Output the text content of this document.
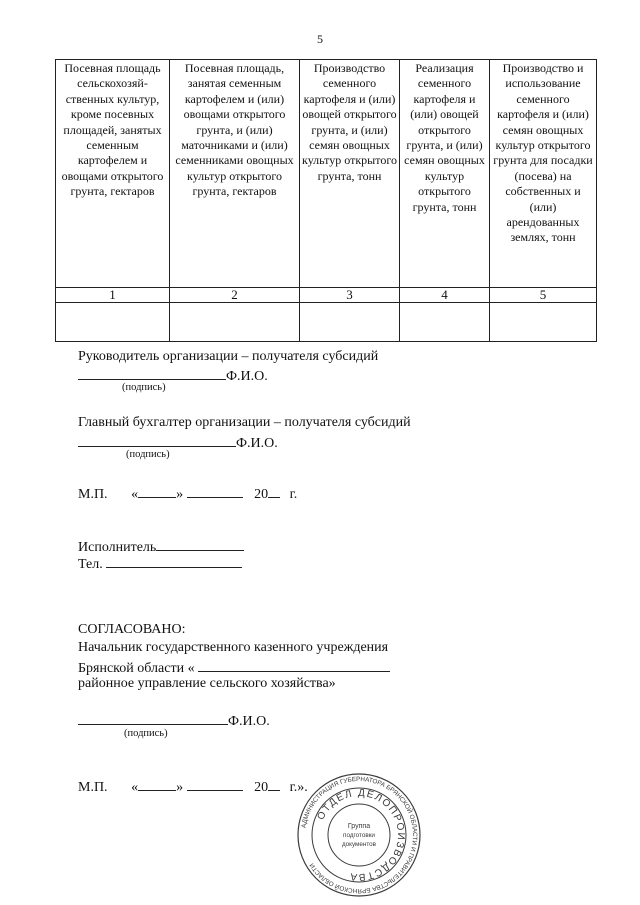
5
Посевная площадь сельскохозяй-ственных культур, кроме посевных площадей, занятых семенным картофелем и овощами открытого грунта, гектаров	Посевная площадь, занятая семенным картофелем и (или) овощами открытого грунта, и (или) маточниками и (или) семенниками овощных культур открытого грунта, гектаров	Производство семенного картофеля и (или) овощей открытого грунта, и (или) семян овощных культур открытого грунта, тонн	Реализация семенного картофеля и (или) овощей открытого грунта, и (или) семян овощных культур открытого грунта, тонн	Производство и использование семенного картофеля и (или) семян овощных культур открытого грунта для посадки (посева) на собственных и (или) арендованных землях, тонн
1	2	3	4	5

Руководитель организации – получателя субсидий
Ф.И.О.
(подпись)
Главный бухгалтер организации – получателя субсидий
Ф.И.О.
(подпись)
М.П. «	»	20 г.
Исполнитель
Тел.
СОГЛАСОВАНО:
Начальник государственного казенного учреждения
Брянской области «
районное управление сельского хозяйства»
Ф.И.О.
(подпись)
М.П. «	»	20 г.».
АДМИНИСТРАЦИЯ ГУБЕРНАТОРА БРЯНСКОЙ ОБЛАСТИ И ПРАВИТЕЛЬСТВА БРЯНСКОЙ ОБЛАСТИ
ОТДЕЛ ДЕЛОПРОИЗВОДСТВА
Группа
подготовки
документов
